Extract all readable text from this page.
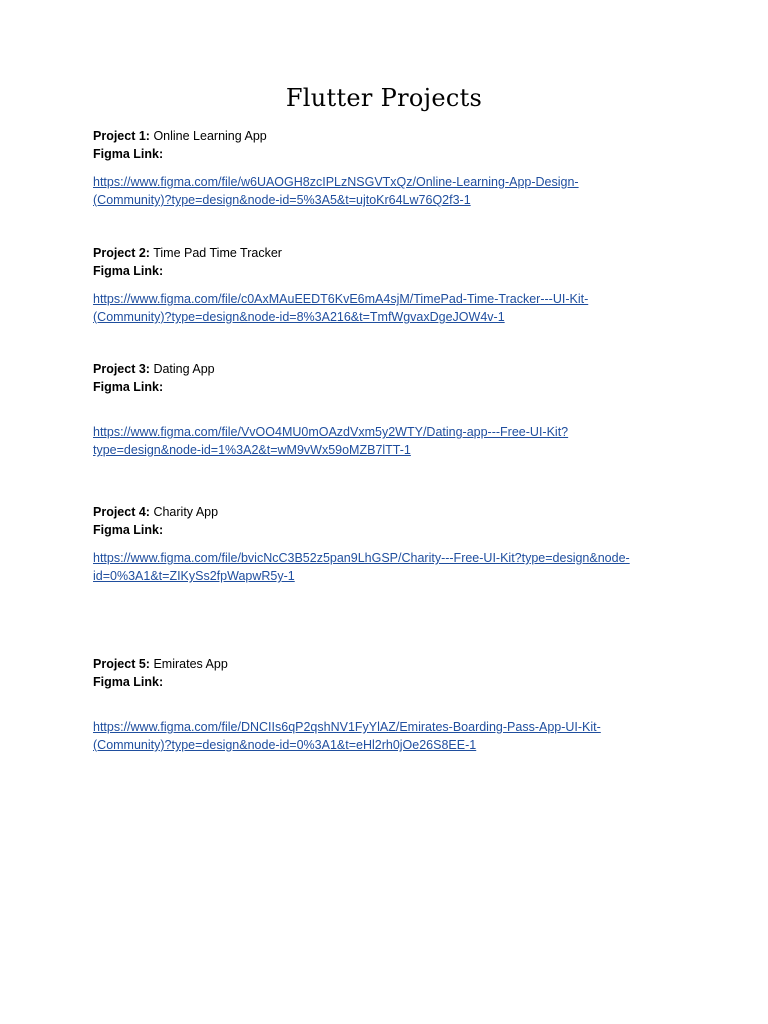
Flutter Projects

Project 1: Online Learning App

Figma Link:

https://www.figma.com/file/w6UAOGH8zcIPLzNSGVTxQz/Online-Learning-App-Design-
(Community)?type=design&node-id=5%3A5&t=ujtoKr64Lw76Q2f3-1

Project 2: Time Pad Time Tracker

Figma Link:

https://www.figma.com/file/c0AxMAuEEDT6KvE6mA4sjM/TimePad-Time-Tracker---UI-Kit-
(Community)?type=design&node-id=8%3A216&t=TmfWgvaxDgeJOW4v-1

Project 3: Dating App

Figma Link:

https://www.figma.com/file/VvOO4MU0mOAzdVxm5y2WTY/Dating-app---Free-UI-Kit?
type=design&node-id=1%3A2&t=wM9vWx59oMZB7lTT-1

Project 4: Charity App

Figma Link:

https://www.figma.com/file/bvicNcC3B52z5pan9LhGSP/Charity---Free-UI-Kit?type=design&node-
id=0%3A1&t=ZIKySs2fpWapwR5y-1

Project 5: Emirates App

Figma Link:

https://www.figma.com/file/DNCIIs6qP2qshNV1FyYlAZ/Emirates-Boarding-Pass-App-UI-Kit-
(Community)?type=design&node-id=0%3A1&t=eHl2rh0jOe26S8EE-1
